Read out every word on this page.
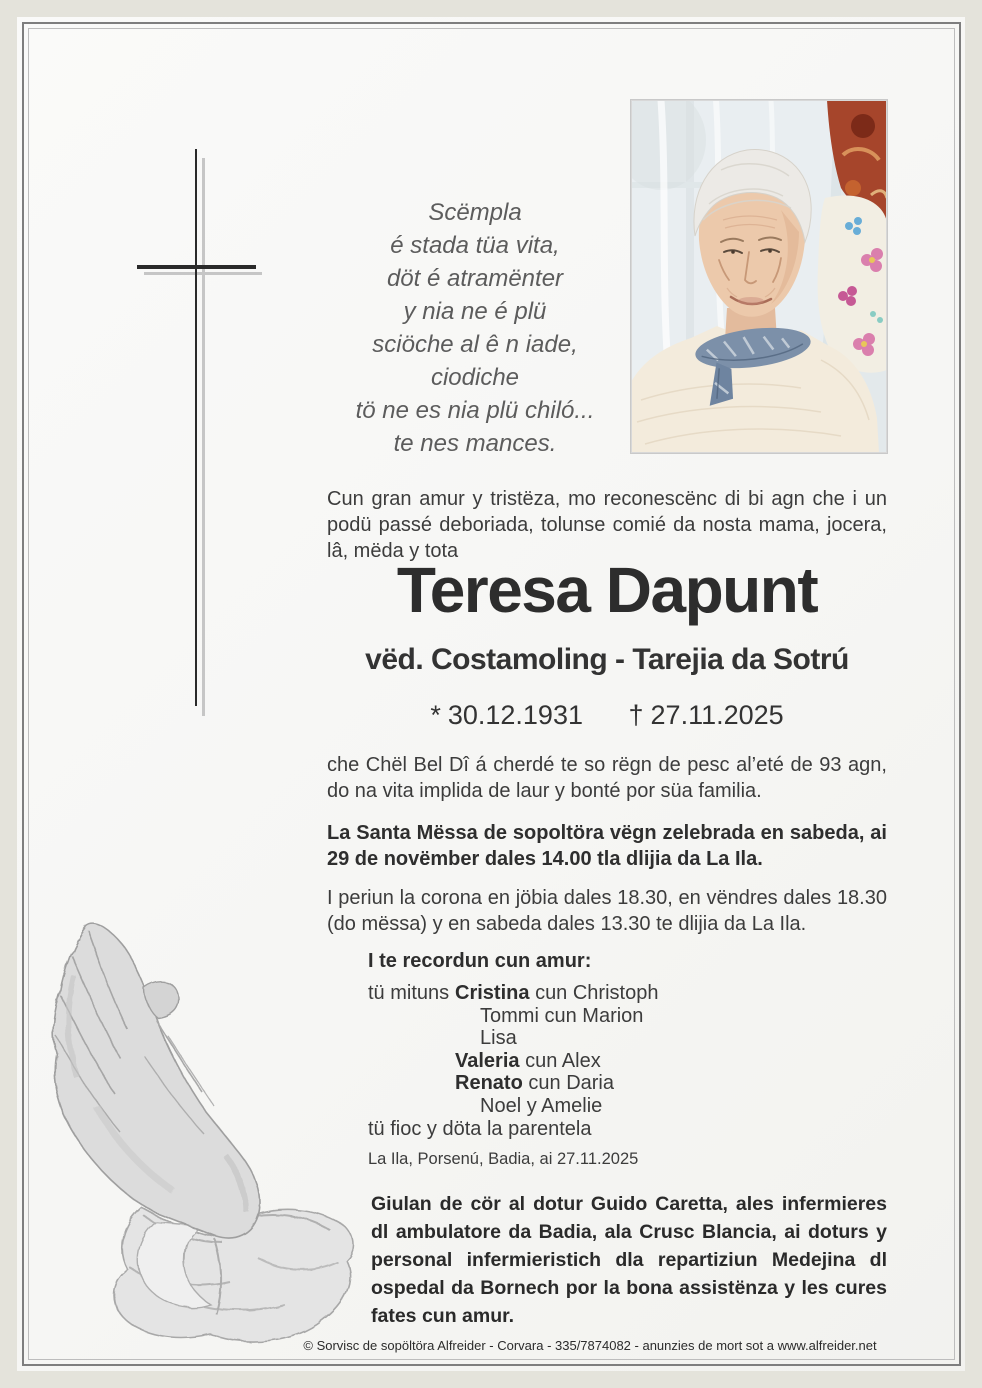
Scëmpla
é stada tüa vita,
döt é atramënter
y nia ne é plü
sciöche al ê n iade,
ciodiche
tö ne es nia plü chiló...
te nes mances.
Cun gran amur y tristëza, mo reconescënc di bi agn che i un podü passé deboriada, tolunse comié da nosta mama, jocera, lâ, mëda y tota
Teresa Dapunt
vëd. Costamoling - Tarejia da Sotrú
* 30.12.1931 † 27.11.2025
che Chël Bel Dî á cherdé te so rëgn de pesc al’eté de 93 agn, do na vita implida de laur y bonté por süa familia.
La Santa Mëssa de sopoltöra vëgn zelebrada en sabeda, ai 29 de novëmber dales 14.00 tla dlijia da La Ila.
I periun la corona en jöbia dales 18.30, en vëndres dales 18.30 (do mëssa) y en sabeda dales 13.30 te dlijia da La Ila.
I te recordun cun amur:
tü mituns Cristina cun Christoph
Tommi cun Marion
Lisa
Valeria cun Alex
Renato cun Daria
Noel y Amelie
tü fioc y döta la parentela
La Ila, Porsenú, Badia, ai 27.11.2025
Giulan de cör al dotur Guido Caretta, ales infermieres dl ambulatore da Badia, ala Crusc Blancia, ai doturs y personal infermieristich dla repartiziun Medejina dl ospedal da Bornech por la bona assistënza y les cures fates cun amur.
© Sorvisc de sopöltöra Alfreider - Corvara - 335/7874082 - anunzies de mort sot a www.alfreider.net
